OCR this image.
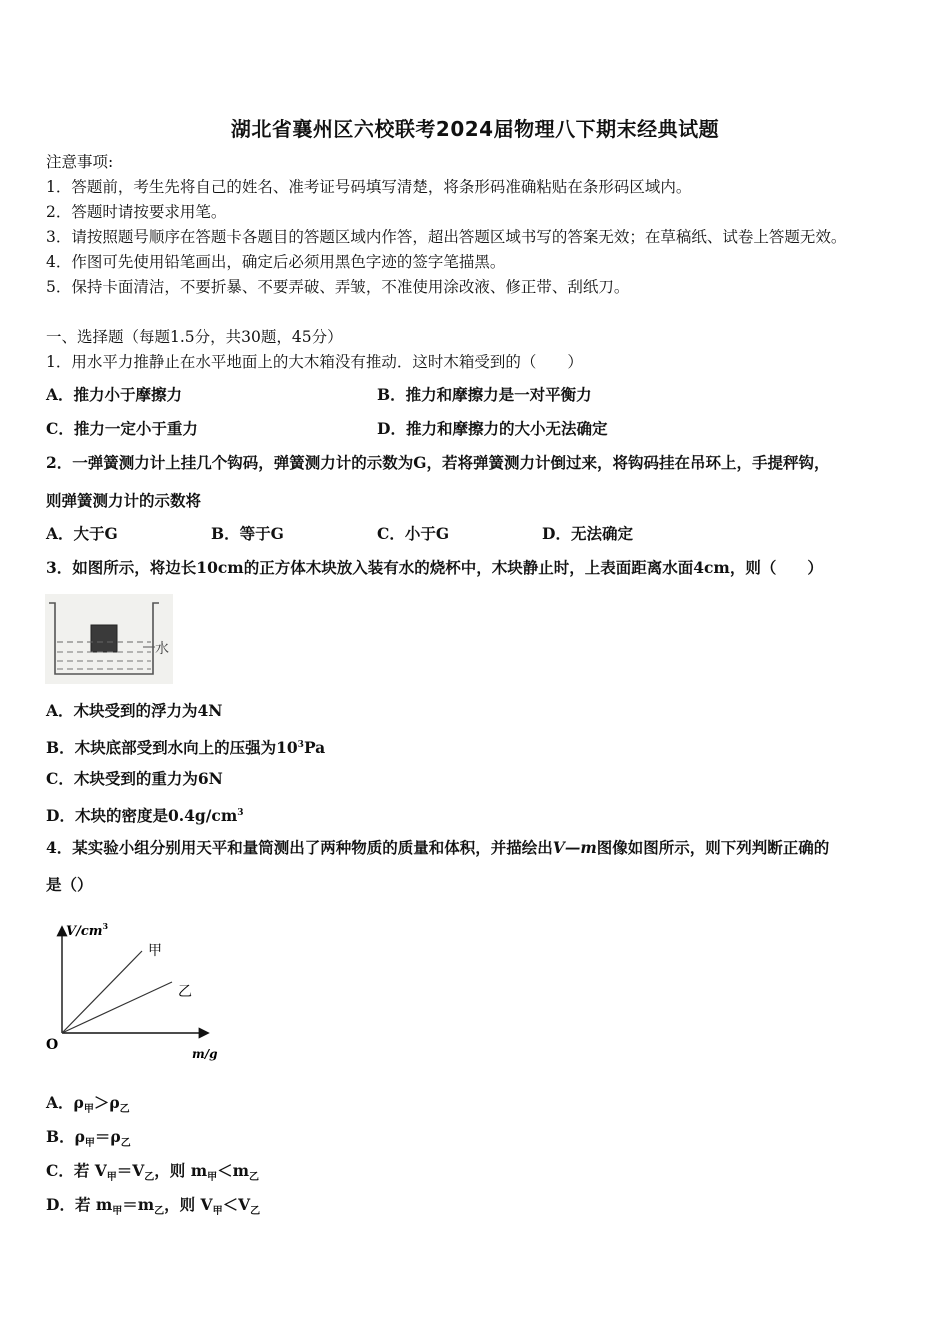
湖北省襄州区六校联考2024届物理八下期末经典试题
注意事项:
1．答题前，考生先将自己的姓名、准考证号码填写清楚，将条形码准确粘贴在条形码区域内。
2．答题时请按要求用笔。
3．请按照题号顺序在答题卡各题目的答题区域内作答，超出答题区域书写的答案无效；在草稿纸、试卷上答题无效。
4．作图可先使用铅笔画出，确定后必须用黑色字迹的签字笔描黑。
5．保持卡面清洁，不要折暴、不要弄破、弄皱，不准使用涂改液、修正带、刮纸刀。
一、选择题（每题1.5分，共30题，45分）
1．用水平力推静止在水平地面上的大木箱没有推动．这时木箱受到的（　　）
A．推力小于摩擦力	B．推力和摩擦力是一对平衡力
C．推力一定小于重力	D．推力和摩擦力的大小无法确定
2．一弹簧测力计上挂几个钩码，弹簧测力计的示数为G，若将弹簧测力计倒过来，将钩码挂在吊环上，手提秤钩，
则弹簧测力计的示数将
A．大于G	B．等于G	C．小于G	D．无法确定
3．如图所示，将边长10cm的正方体木块放入装有水的烧杯中，木块静止时，上表面距离水面4cm，则（　　）
水
A．木块受到的浮力为4N
B．木块底部受到水向上的压强为$10^3Pa$
C．木块受到的重力为6N
D．木块的密度是$0.4g/cm^3$
4．某实验小组分别用天平和量筒测出了两种物质的质量和体积，并描绘出V—m图像如图所示，则下列判断正确的
是（）
$V/cm^3$
m/g
O
甲
乙
A．$\rho_甲>\rho_乙$
B．$\rho_甲=\rho_乙$
C．若 $V_甲=V_乙$，则 $m_甲<m_乙$
D．若 $m_甲=m_乙$，则 $V_甲<V_乙$
